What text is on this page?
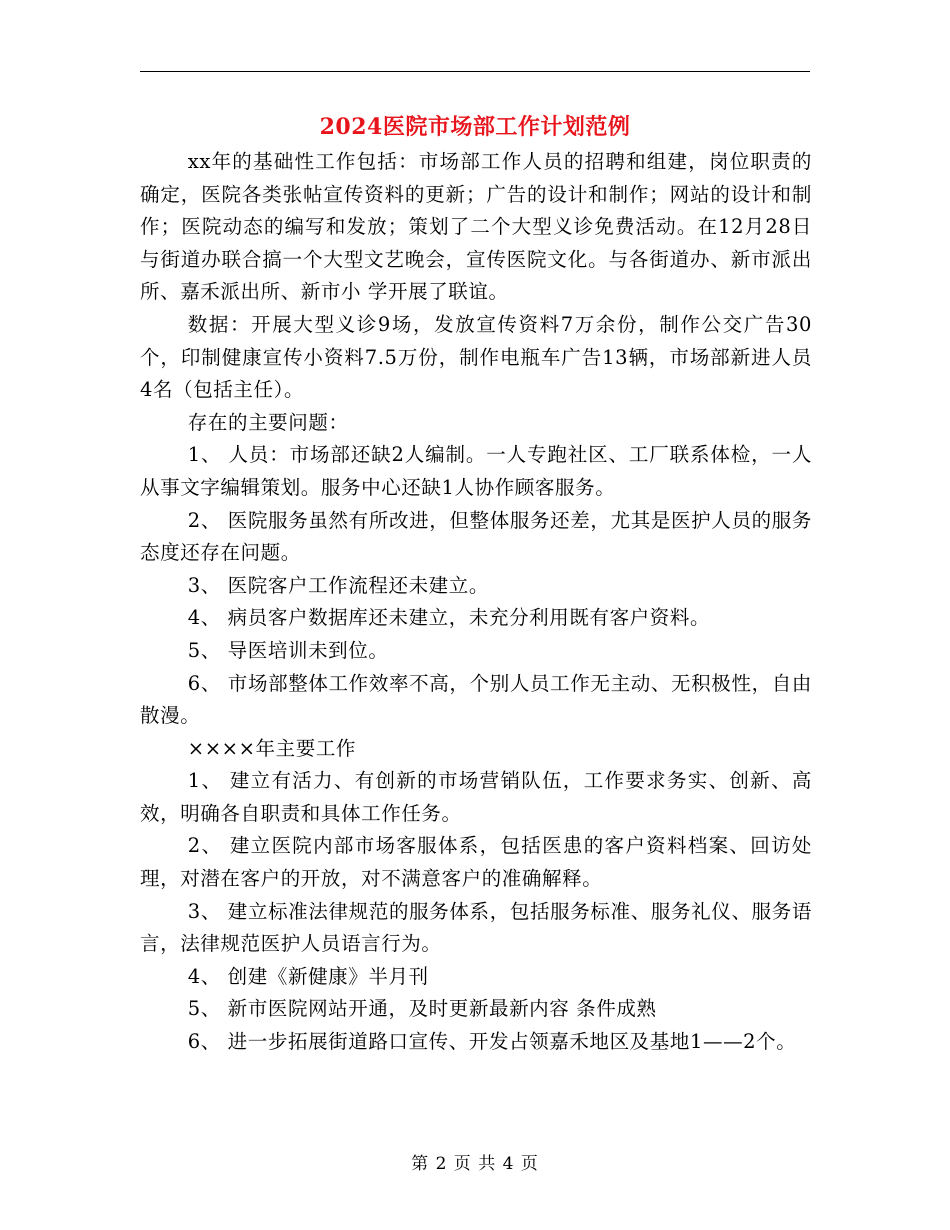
2024医院市场部工作计划范例

xx年的基础性工作包括：市场部工作人员的招聘和组建，岗位职责的确定，医院各类张帖宣传资料的更新；广告的设计和制作；网站的设计和制作；医院动态的编写和发放；策划了二个大型义诊免费活动。在12月28日与街道办联合搞一个大型文艺晚会，宣传医院文化。与各街道办、新市派出所、嘉禾派出所、新市小 学开展了联谊。

数据：开展大型义诊9场，发放宣传资料7万余份，制作公交广告30个，印制健康宣传小资料7.5万份，制作电瓶车广告13辆，市场部新进人员4名（包括主任）。

存在的主要问题：

1、 人员：市场部还缺2人编制。一人专跑社区、工厂联系体检，一人从事文字编辑策划。服务中心还缺1人协作顾客服务。

2、 医院服务虽然有所改进，但整体服务还差，尤其是医护人员的服务态度还存在问题。

3、 医院客户工作流程还未建立。

4、 病员客户数据库还未建立，未充分利用既有客户资料。

5、 导医培训未到位。

6、 市场部整体工作效率不高，个别人员工作无主动、无积极性，自由散漫。

××××年主要工作

1、 建立有活力、有创新的市场营销队伍，工作要求务实、创新、高效，明确各自职责和具体工作任务。

2、 建立医院内部市场客服体系，包括医患的客户资料档案、回访处理，对潜在客户的开放，对不满意客户的准确解释。

3、 建立标准法律规范的服务体系，包括服务标准、服务礼仪、服务语言，法律规范医护人员语言行为。

4、 创建《新健康》半月刊

5、 新市医院网站开通，及时更新最新内容 条件成熟

6、 进一步拓展街道路口宣传、开发占领嘉禾地区及基地1——2个。

第 2 页 共 4 页
